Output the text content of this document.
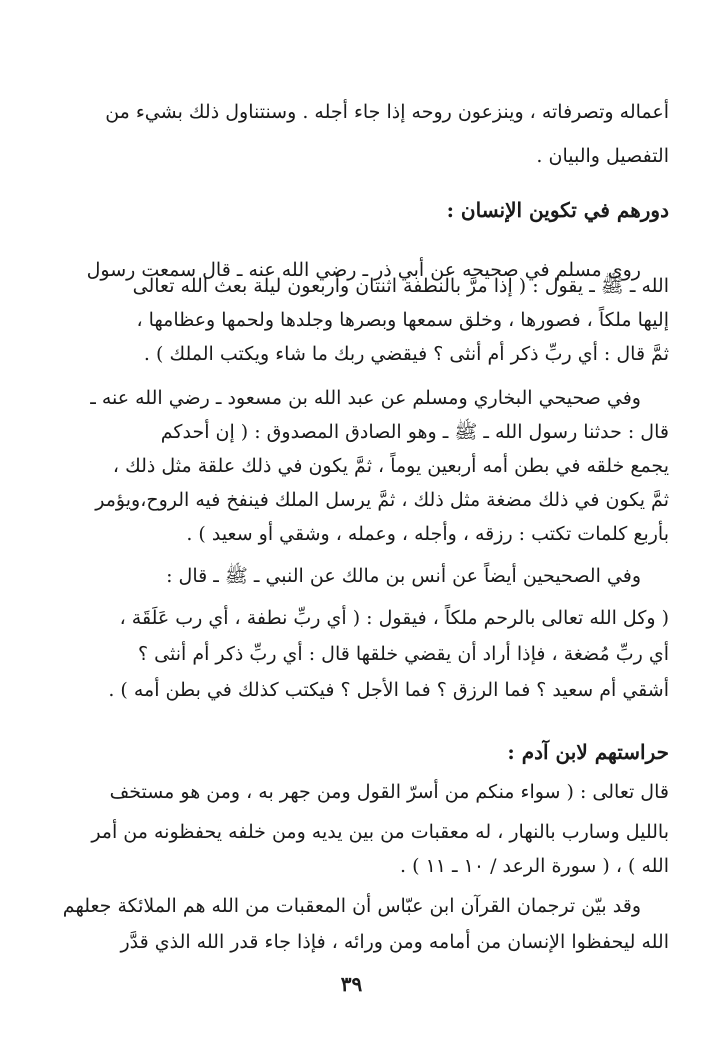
أعماله وتصرفاته ، وينزعون روحه إذا جاء أجله . وسنتناول ذلك بشيء من
التفصيل والبيان .
دورهم في تكوين الإنسان :
روى مسلم في صحيحه عن أبي ذر ـ رضي الله عنه ـ قال سمعت رسول
الله ـ ﷺ ـ يقول : ( إذا مرَّ بالنطفة اثنتان وأربعون ليلة بعث الله تعالى
إليها ملكاً ، فصورها ، وخلق سمعها وبصرها وجلدها ولحمها وعظامها ،
ثمَّ قال : أي ربِّ ذكر أم أنثى ؟ فيقضي ربك ما شاء ويكتب الملك ) .
وفي صحيحي البخاري ومسلم عن عبد الله بن مسعود ـ رضي الله عنه ـ
قال : حدثنا رسول الله ـ ﷺ ـ وهو الصادق المصدوق : ( إن أحدكم
يجمع خلقه في بطن أمه أربعين يوماً ، ثمَّ يكون في ذلك علقة مثل ذلك ،
ثمَّ يكون في ذلك مضغة مثل ذلك ، ثمَّ يرسل الملك فينفخ فيه الروح،ويؤمر
بأربع كلمات تكتب : رزقه ، وأجله ، وعمله ، وشقي أو سعيد ) .
وفي الصحيحين أيضاً عن أنس بن مالك عن النبي ـ ﷺ ـ قال :
( وكل الله تعالى بالرحم ملكاً ، فيقول : ( أي ربِّ نطفة ، أي رب عَلَقَة ،
أي ربِّ مُضغة ، فإذا أراد أن يقضي خلقها قال : أي ربِّ ذكر أم أنثى ؟
أشقي أم سعيد ؟ فما الرزق ؟ فما الأجل ؟ فيكتب كذلك في بطن أمه ) .
حراستهم لابن آدم :
قال تعالى : ( سواء منكم من أسرّ القول ومن جهر به ، ومن هو مستخف
بالليل وسارب بالنهار ، له معقبات من بين يديه ومن خلفه يحفظونه من أمر
الله ) ، ( سورة الرعد / ١٠ ـ ١١ ) .
وقد بيّن ترجمان القرآن ابن عبّاس أن المعقبات من الله هم الملائكة جعلهم
الله ليحفظوا الإنسان من أمامه ومن ورائه ، فإذا جاء قدر الله الذي قدَّر
٣٩
